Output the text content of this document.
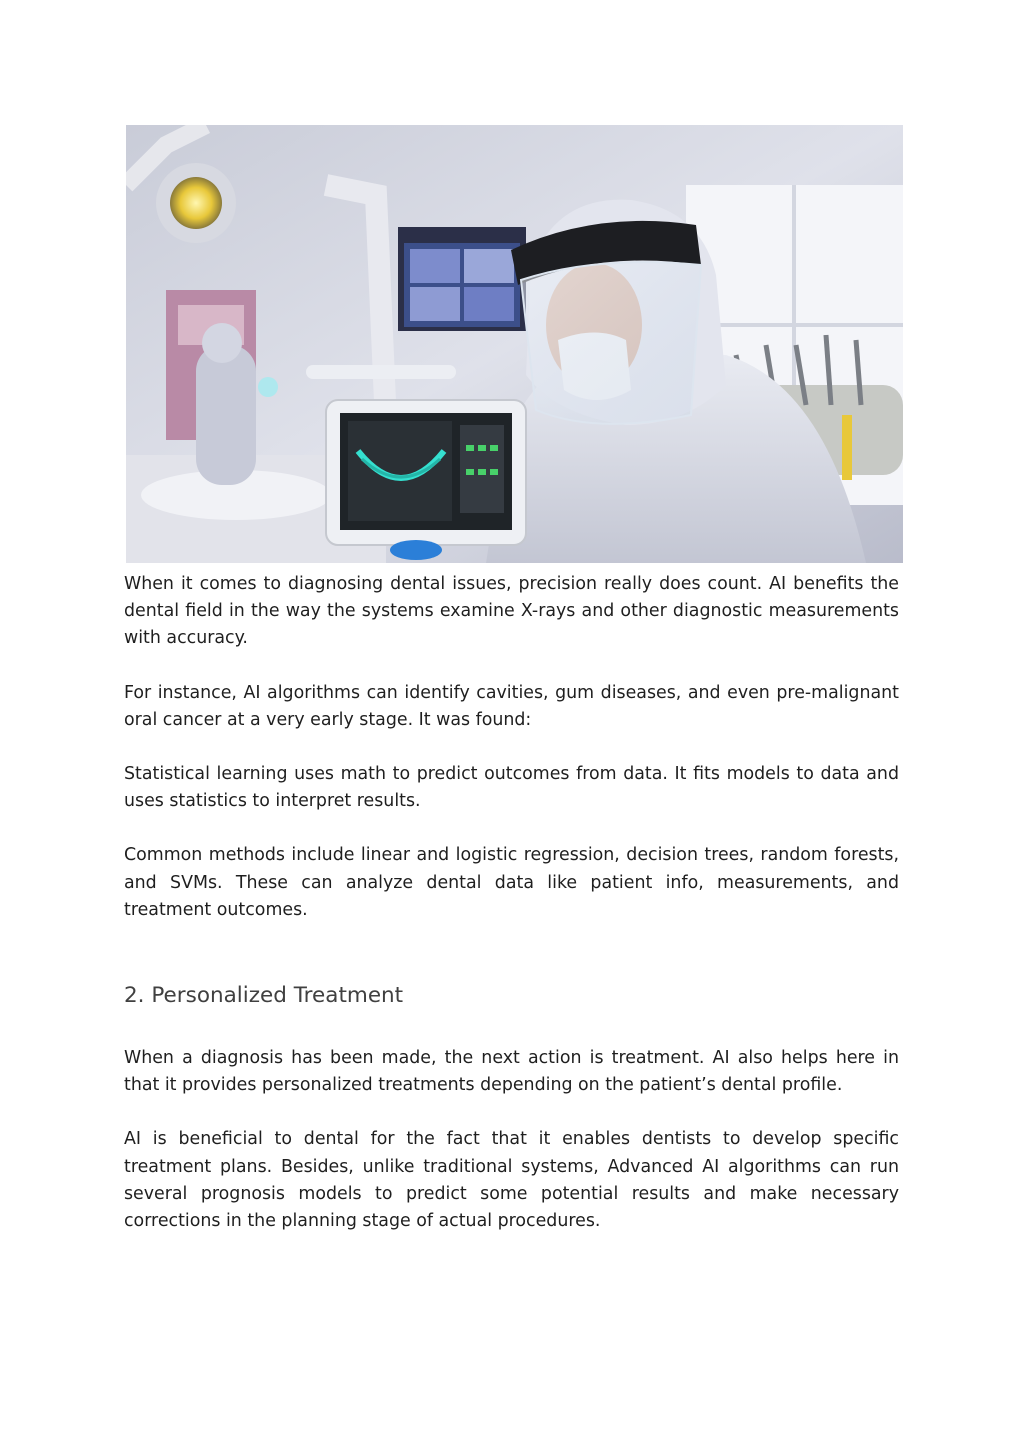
When it comes to diagnosing dental issues, precision really does count. AI benefits the dental field in the way the systems examine X-rays and other diagnostic measurements with accuracy.

For instance, AI algorithms can identify cavities, gum diseases, and even pre-malignant oral cancer at a very early stage. It was found:

Statistical learning uses math to predict outcomes from data. It fits models to data and uses statistics to interpret results.

Common methods include linear and logistic regression, decision trees, random forests, and SVMs. These can analyze dental data like patient info, measurements, and treatment outcomes.

2. Personalized Treatment

When a diagnosis has been made, the next action is treatment. AI also helps here in that it provides personalized treatments depending on the patient’s dental profile.

AI is beneficial to dental for the fact that it enables dentists to develop specific treatment plans. Besides, unlike traditional systems, Advanced AI algorithms can run several prognosis models to predict some potential results and make necessary corrections in the planning stage of actual procedures.
